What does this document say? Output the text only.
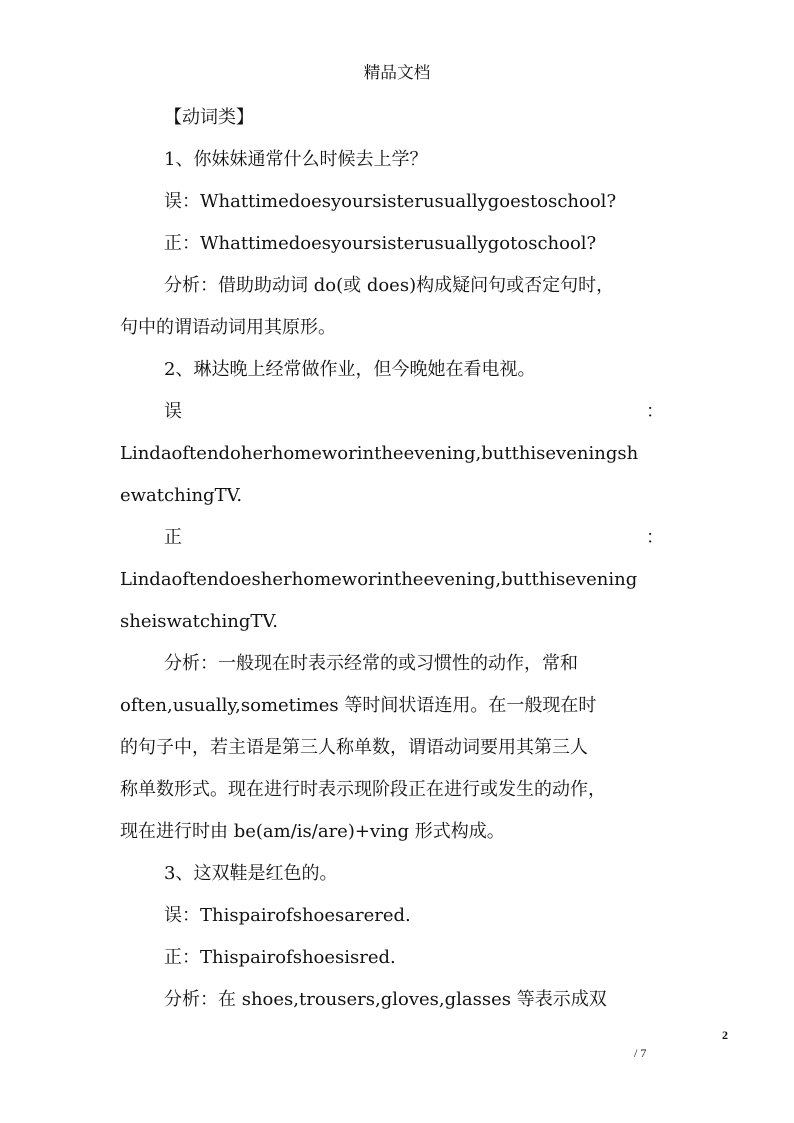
精品文档

【动词类】

1、你妹妹通常什么时候去上学？

误：Whattimedoesyoursisterusuallygoestoschool?

正：Whattimedoesyoursisterusuallygotoschool?

分析：借助助动词 do(或 does)构成疑问句或否定句时，

句中的谓语动词用其原形。

2、琳达晚上经常做作业，但今晚她在看电视。

误	：

Lindaoftendoherhomeworintheevening,butthiseveningsh

ewatchingTV.

正	：

Lindaoftendoesherhomeworintheevening,butthisevening

sheiswatchingTV.

分析：一般现在时表示经常的或习惯性的动作，常和

often,usually,sometimes 等时间状语连用。在一般现在时

的句子中，若主语是第三人称单数，谓语动词要用其第三人

称单数形式。现在进行时表示现阶段正在进行或发生的动作，

现在进行时由 be(am/is/are)+ving 形式构成。

3、这双鞋是红色的。

误：Thispairofshoesarered.

正：Thispairofshoesisred.

分析：在 shoes,trousers,gloves,glasses 等表示成双

2
/ 7
